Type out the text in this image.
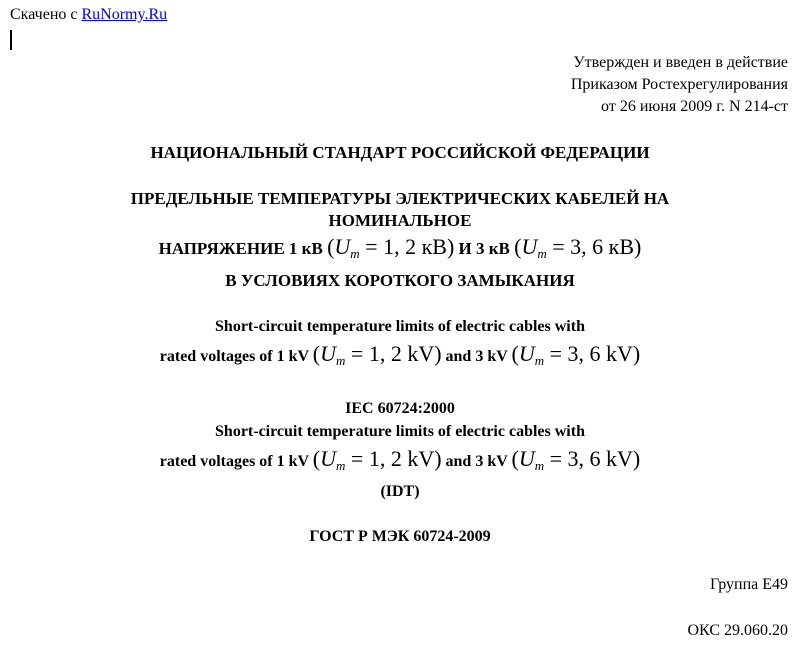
Скачено с RuNormy.Ru
Утвержден и введен в действие
Приказом Ростехрегулирования
от 26 июня 2009 г. N 214-ст
НАЦИОНАЛЬНЫЙ СТАНДАРТ РОССИЙСКОЙ ФЕДЕРАЦИИ
ПРЕДЕЛЬНЫЕ ТЕМПЕРАТУРЫ ЭЛЕКТРИЧЕСКИХ КАБЕЛЕЙ НА
НОМИНАЛЬНОЕ
НАПРЯЖЕНИЕ 1 кВ ($U_m = 1$, 2 кВ) И 3 кВ ($U_m = 3$, 6 кВ)
В УСЛОВИЯХ КОРОТКОГО ЗАМЫКАНИЯ
Short-circuit temperature limits of electric cables with
rated voltages of 1 kV ($U_m = 1$, 2 kV) and 3 kV ($U_m = 3$, 6 kV)
IEC 60724:2000
Short-circuit temperature limits of electric cables with
rated voltages of 1 kV ($U_m = 1$, 2 kV) and 3 kV ($U_m = 3$, 6 kV)
(IDT)
ГОСТ Р МЭК 60724-2009
Группа Е49
ОКС 29.060.20
